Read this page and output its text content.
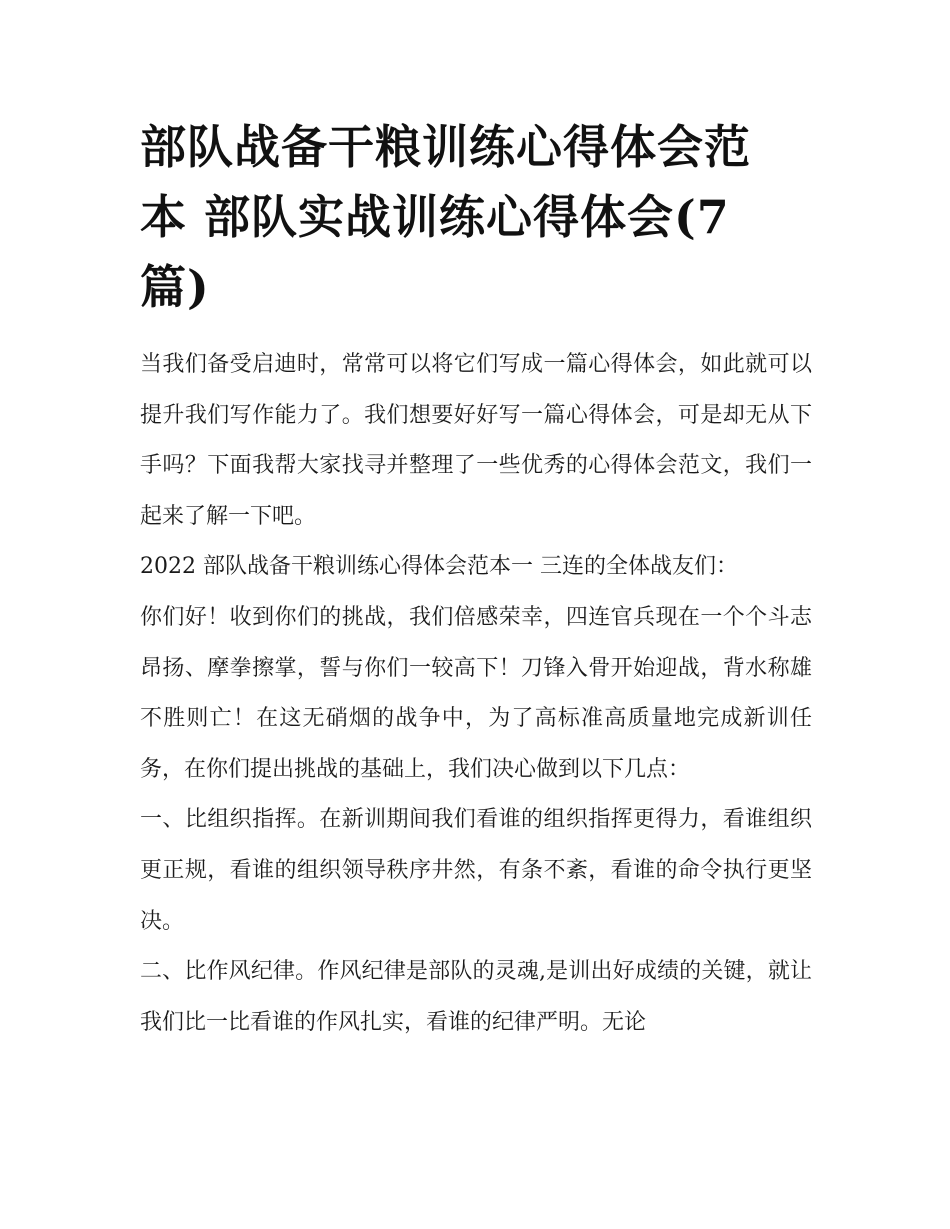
部队战备干粮训练心得体会范
本 部队实战训练心得体会(7
篇)

当我们备受启迪时，常常可以将它们写成一篇心得体会，如此就可以提升我们写作能力了。我们想要好好写一篇心得体会，可是却无从下手吗？下面我帮大家找寻并整理了一些优秀的心得体会范文，我们一起来了解一下吧。

2022 部队战备干粮训练心得体会范本一 三连的全体战友们：

你们好！收到你们的挑战，我们倍感荣幸，四连官兵现在一个个斗志昂扬、摩拳擦掌，誓与你们一较高下！刀锋入骨开始迎战，背水称雄不胜则亡！在这无硝烟的战争中，为了高标准高质量地完成新训任务，在你们提出挑战的基础上，我们决心做到以下几点：

一、比组织指挥。在新训期间我们看谁的组织指挥更得力，看谁组织更正规，看谁的组织领导秩序井然，有条不紊，看谁的命令执行更坚决。

二、比作风纪律。作风纪律是部队的灵魂,是训出好成绩的关键，就让我们比一比看谁的作风扎实，看谁的纪律严明。无论
